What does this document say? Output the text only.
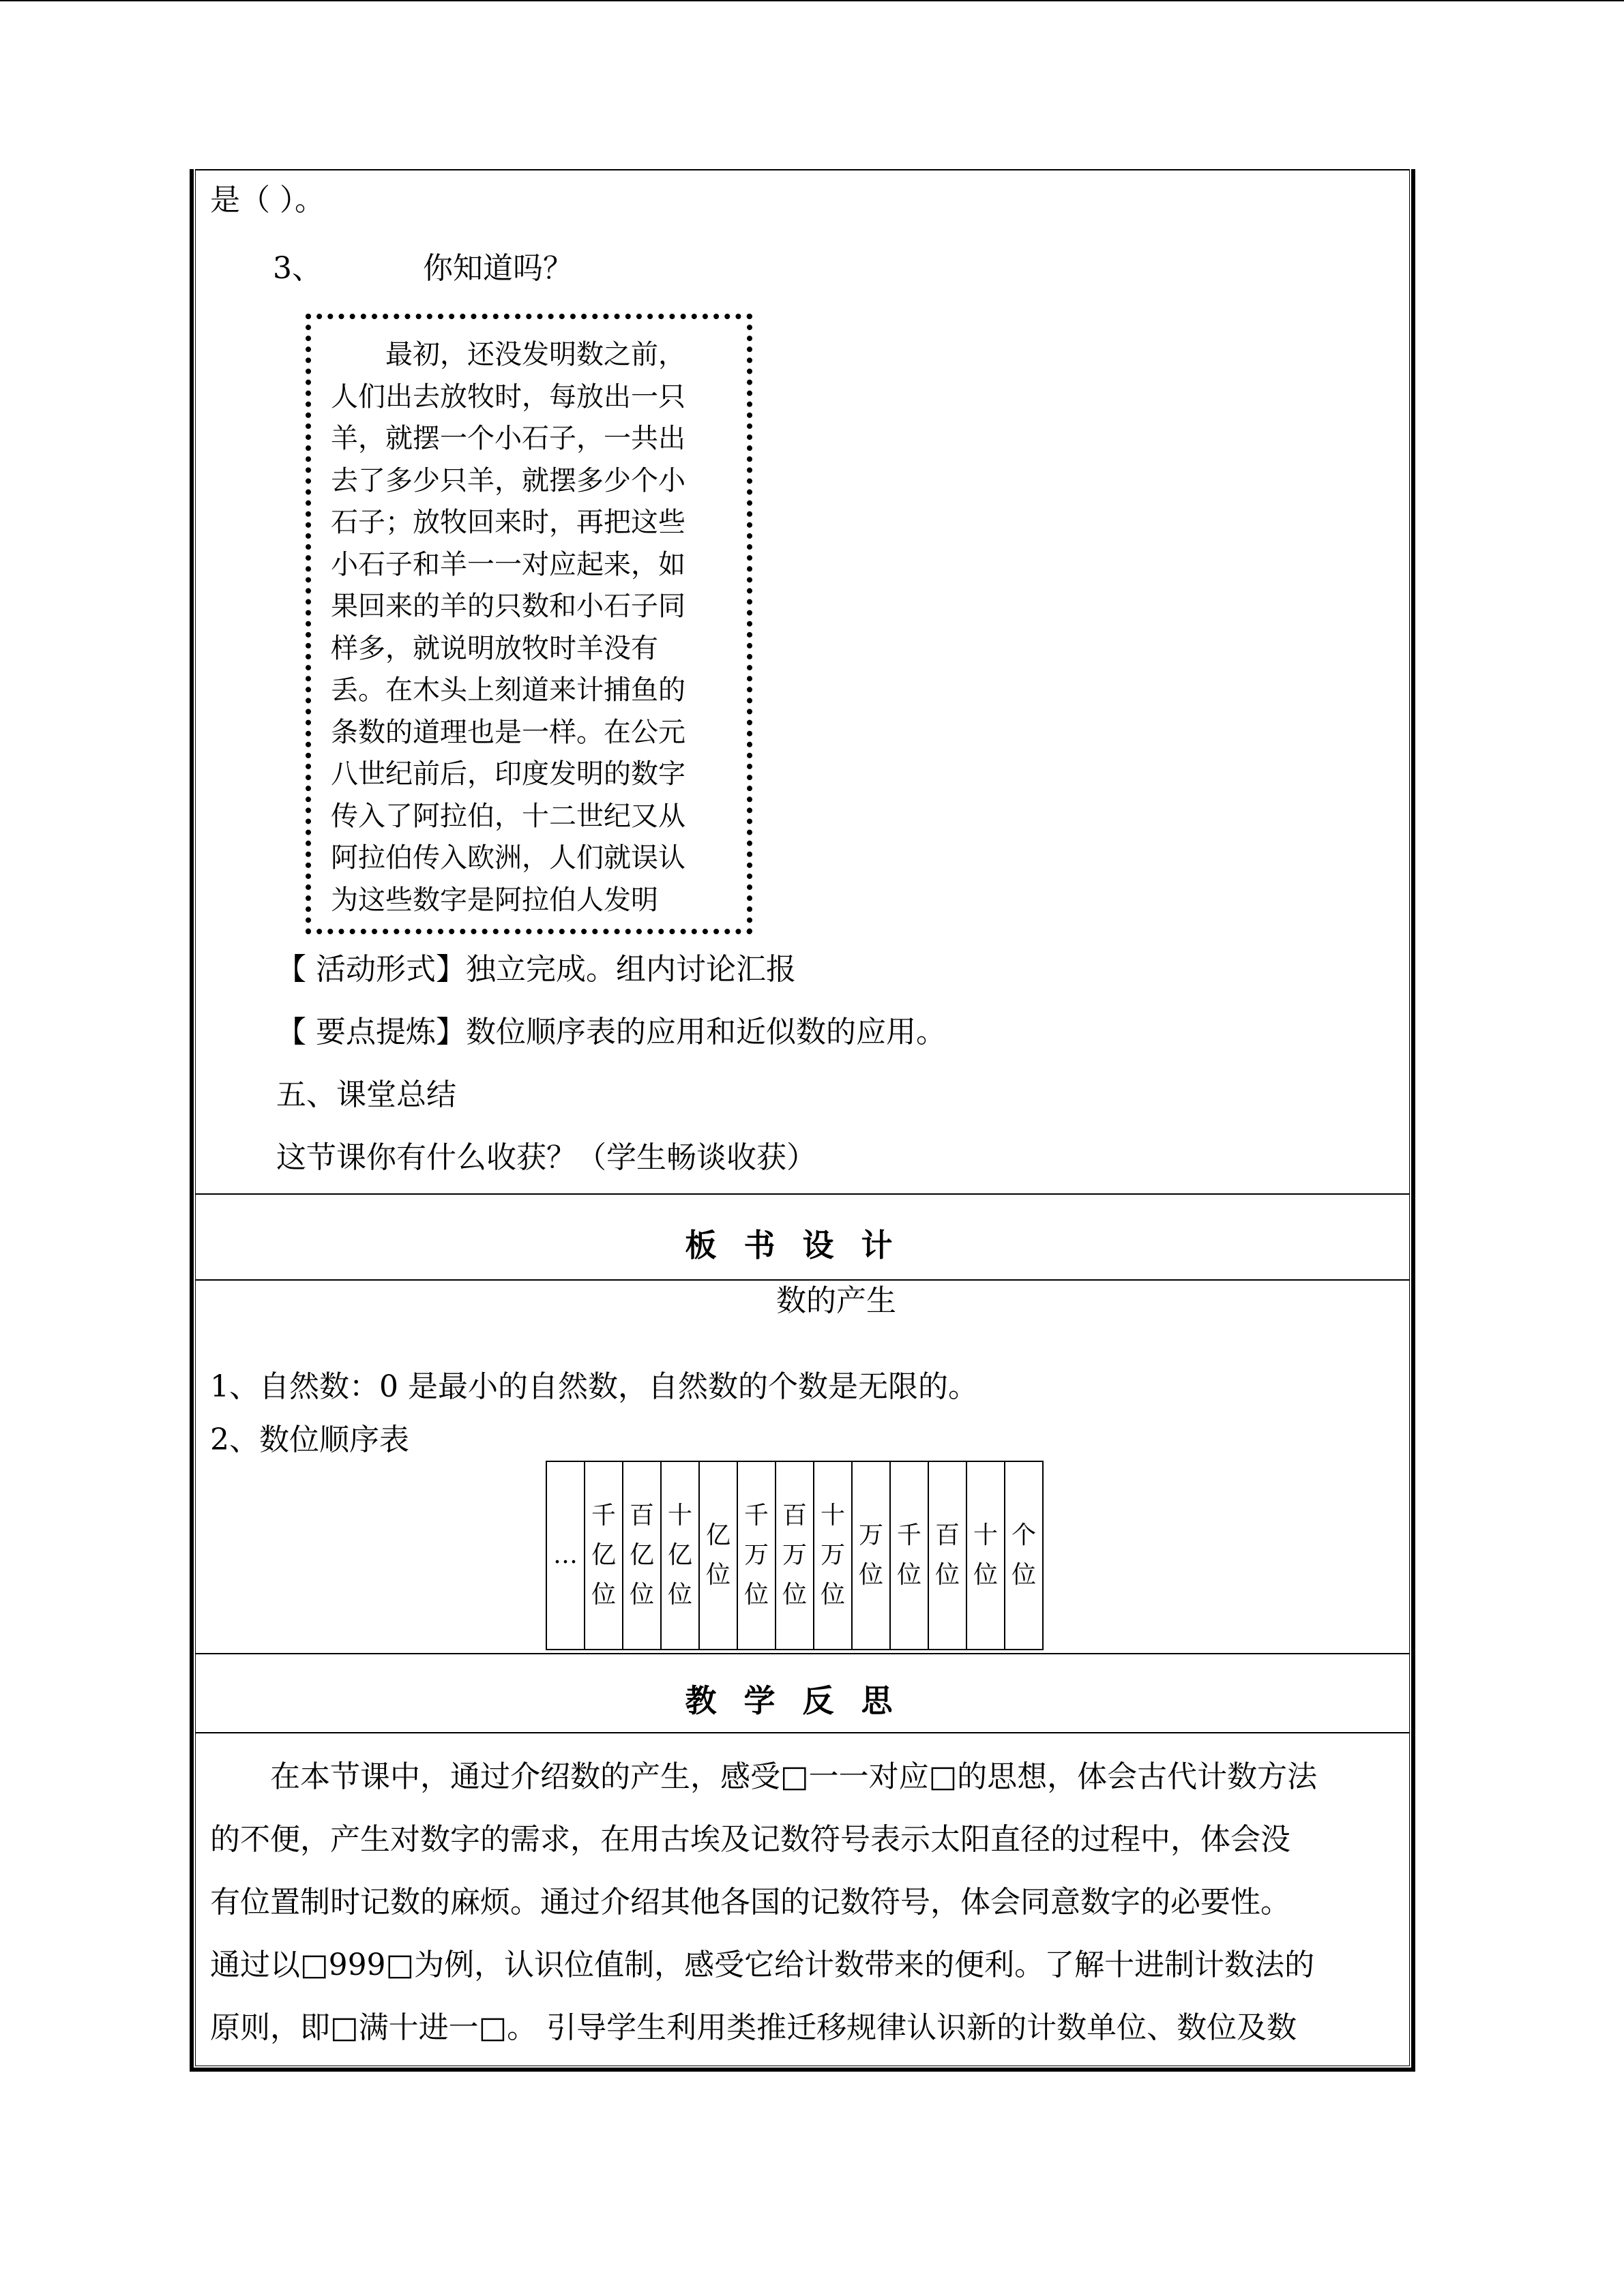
是（ ）。
3、	你知道吗？
　　最初，还没发明数之前，
人们出去放牧时，每放出一只
羊，就摆一个小石子，一共出
去了多少只羊，就摆多少个小
石子；放牧回来时，再把这些
小石子和羊一一对应起来，如
果回来的羊的只数和小石子同
样多，就说明放牧时羊没有
丢。在木头上刻道来计捕鱼的
条数的道理也是一样。在公元
八世纪前后，印度发明的数字
传入了阿拉伯，十二世纪又从
阿拉伯传入欧洲，人们就误认
为这些数字是阿拉伯人发明
【 活动形式】独立完成。组内讨论汇报
【 要点提炼】数位顺序表的应用和近似数的应用。
五、课堂总结
这节课你有什么收获？（学生畅谈收获）
板书设计
数的产生
1、自然数：0 是最小的自然数，自然数的个数是无限的。
2、数位顺序表
…

千
亿
位

百
亿
位

十
亿
位

亿
位

千
万
位

百
万
位

十
万
位

万
位

千
位

百
位

十
位

个
位
教学反思
　　在本节课中，通过介绍数的产生，感受□一一对应□的思想，体会古代计数方法
的不便，产生对数字的需求，在用古埃及记数符号表示太阳直径的过程中，体会没
有位置制时记数的麻烦。通过介绍其他各国的记数符号，体会同意数字的必要性。
通过以□999□为例，认识位值制，感受它给计数带来的便利。了解十进制计数法的
原则，即□满十进一□。 引导学生利用类推迁移规律认识新的计数单位、数位及数
